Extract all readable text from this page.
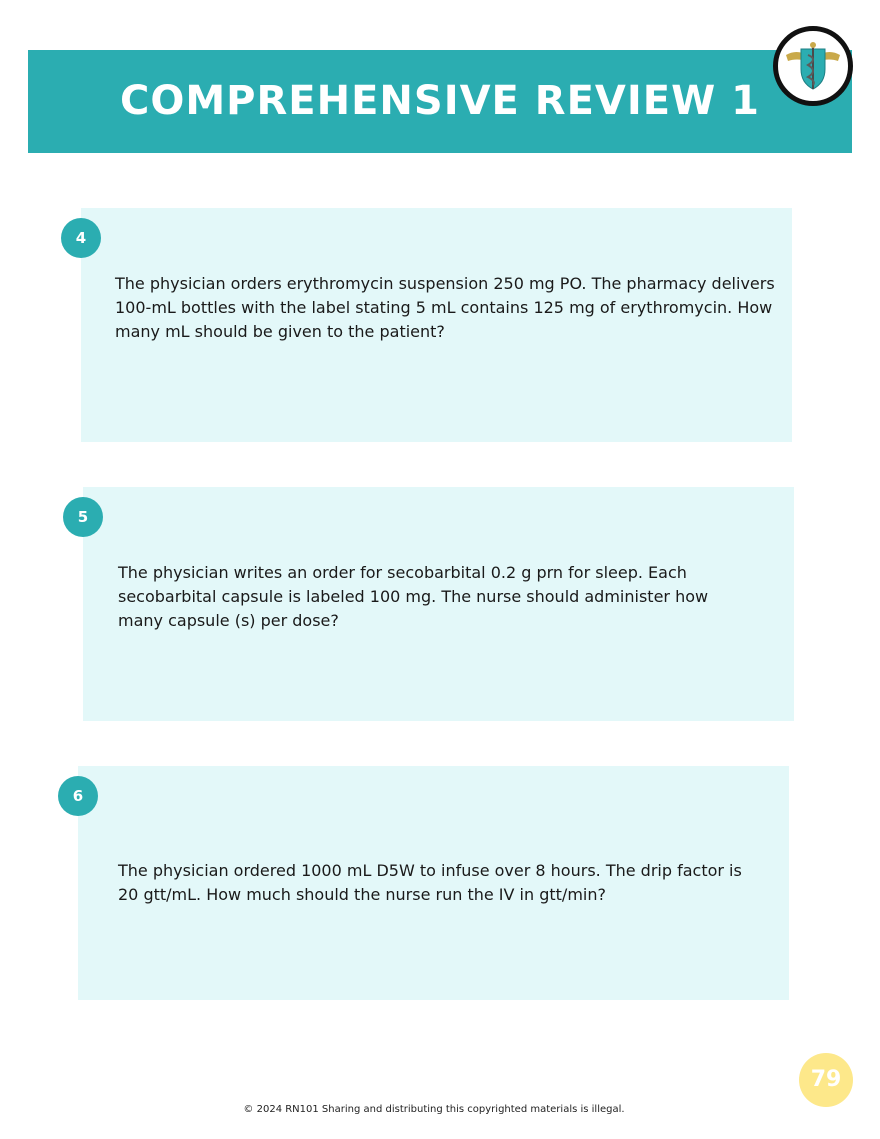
COMPREHENSIVE REVIEW 1
4
The physician orders erythromycin suspension 250 mg PO. The pharmacy delivers 100-mL bottles with the label stating 5 mL contains 125 mg of erythromycin. How many mL should be given to the patient?
5
The physician writes an order for secobarbital 0.2 g prn for sleep. Each secobarbital capsule is labeled 100 mg. The nurse should administer how many capsule (s) per dose?
6
The physician ordered 1000 mL D5W to infuse over 8 hours. The drip factor is 20 gtt/mL. How much should the nurse run the IV in gtt/min?
79
© 2024 RN101 Sharing and distributing this copyrighted materials is illegal.
